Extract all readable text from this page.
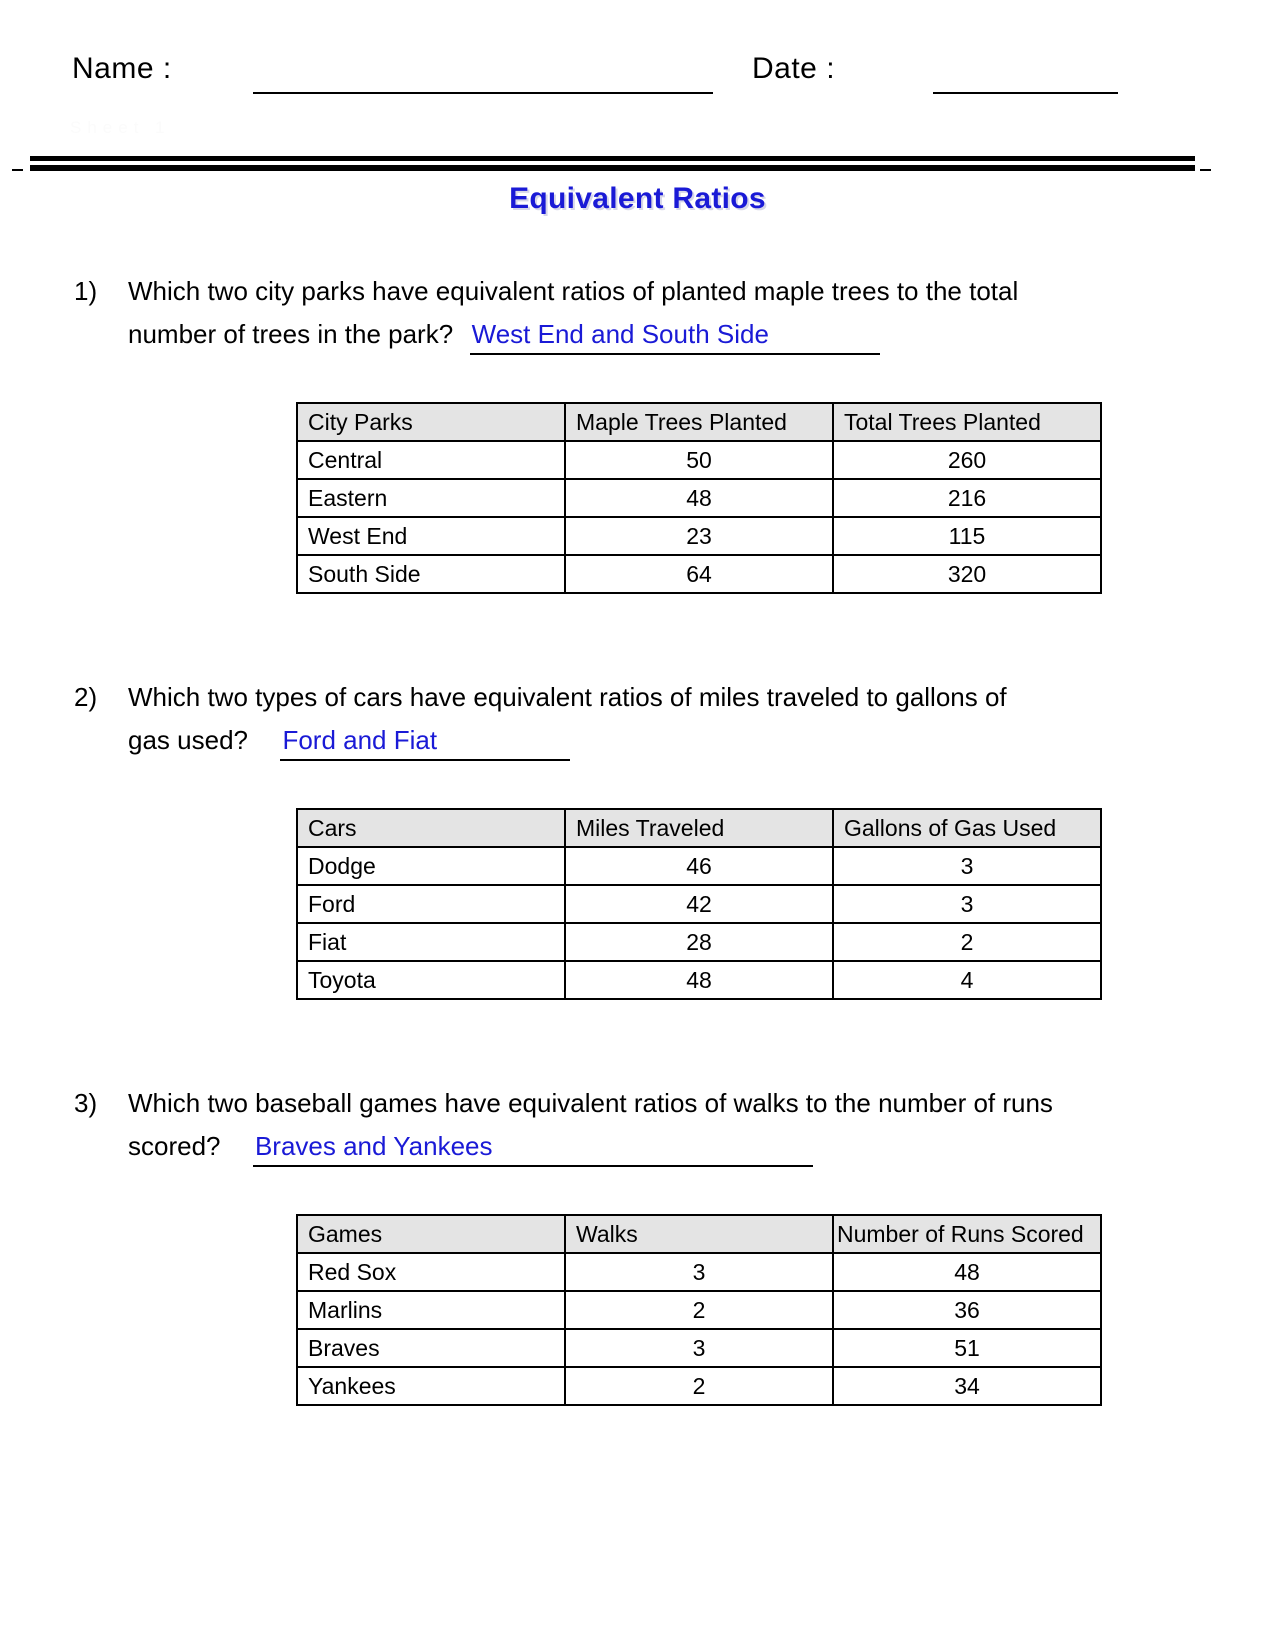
Name :	Date :
Sheet 1
Equivalent Ratios
1) Which two city parks have equivalent ratios of planted maple trees to the total
number of trees in the park? West End and South Side
City Parks	Maple Trees Planted	Total Trees Planted
Central	50	260
Eastern	48	216
West End	23	115
South Side	64	320
2) Which two types of cars have equivalent ratios of miles traveled to gallons of
gas used? Ford and Fiat
Cars	Miles Traveled	Gallons of Gas Used
Dodge	46	3
Ford	42	3
Fiat	28	2
Toyota	48	4
3) Which two baseball games have equivalent ratios of walks to the number of runs
scored? Braves and Yankees
Games	Walks	Number of Runs Scored
Red Sox	3	48
Marlins	2	36
Braves	3	51
Yankees	2	34
